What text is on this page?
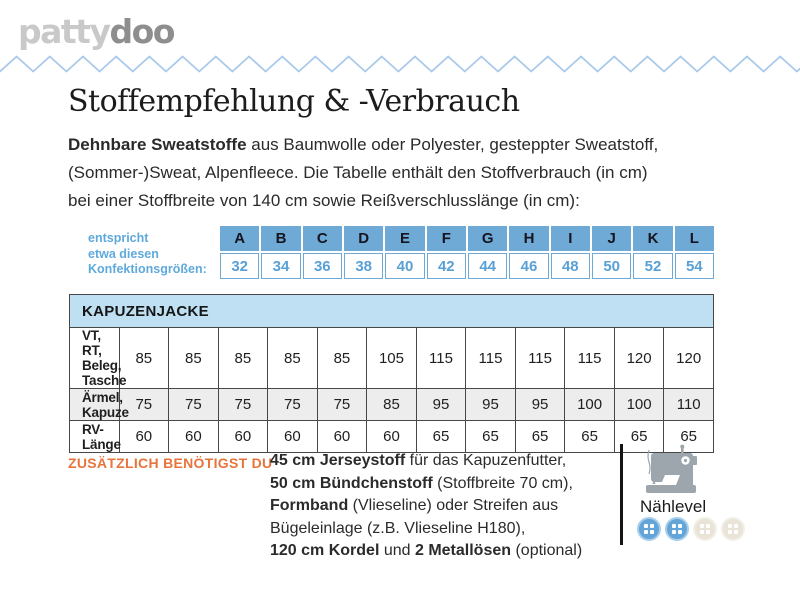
pattydoo
Stoffempfehlung & -Verbrauch
Dehnbare Sweatstoffe aus Baumwolle oder Polyester, gesteppter Sweatstoff,
(Sommer-)Sweat, Alpenfleece. Die Tabelle enthält den Stoffverbrauch (in cm)
bei einer Stoffbreite von 140 cm sowie Reißverschlusslänge (in cm):
entspricht
etwa diesen
Konfektionsgrößen:
A	B	C	D	E	F	G	H	I	J	K	L
32	34	36	38	40	42	44	46	48	50	52	54
KAPUZENJACKE												
VT, RT, Beleg, Tasche	85	85	85	85	85	105	115	115	115	115	120	120
Ärmel, Kapuze	75	75	75	75	75	85	95	95	95	100	100	110
RV-Länge	60	60	60	60	60	60	65	65	65	65	65	65
ZUSÄTZLICH BENÖTIGST DU
45 cm Jerseystoff für das Kapuzenfutter,
50 cm Bündchenstoff (Stoffbreite 70 cm),
Formband (Vlieseline) oder Streifen aus
Bügeleinlage (z.B. Vlieseline H180),
120 cm Kordel und 2 Metallösen (optional)
Nählevel
